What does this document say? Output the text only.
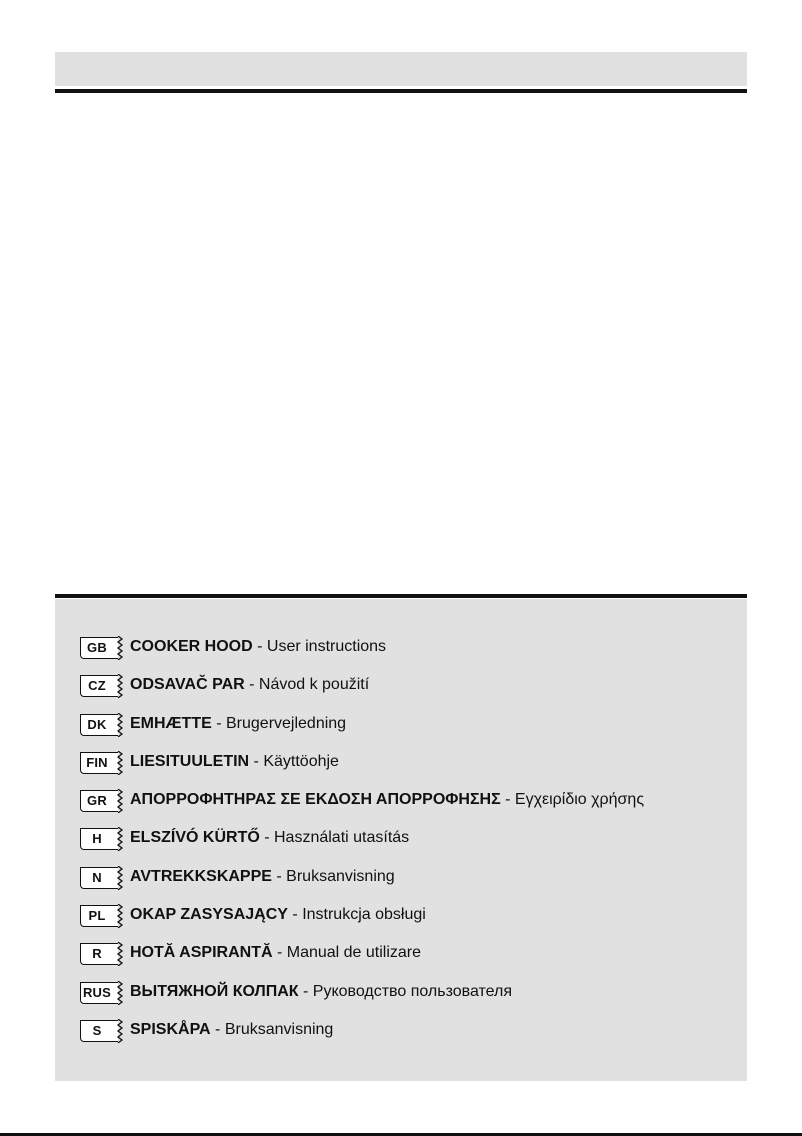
GB	COOKER HOOD - User instructions
CZ	ODSAVAČ PAR - Návod k použití
DK	EMHÆTTE - Brugervejledning
FIN	LIESITUULETIN - Käyttöohje
GR	ΑΠΟΡΡΟΦΗΤΗΡΑΣ ΣΕ ΕΚΔΟΣΗ ΑΠΟΡΡΟΦΗΣΗΣ - Εγχειρίδιο χρήσης
H	ELSZÍVÓ KÜRTŐ - Használati utasítás
N	AVTREKKSKAPPE - Bruksanvisning
PL	OKAP ZASYSAJĄCY - Instrukcja obsługi
R	HOTĂ ASPIRANTĂ - Manual de utilizare
RUS ВЫТЯЖНОЙ КОЛПАК - Руководство пользователя
S	SPISKÅPA - Bruksanvisning
